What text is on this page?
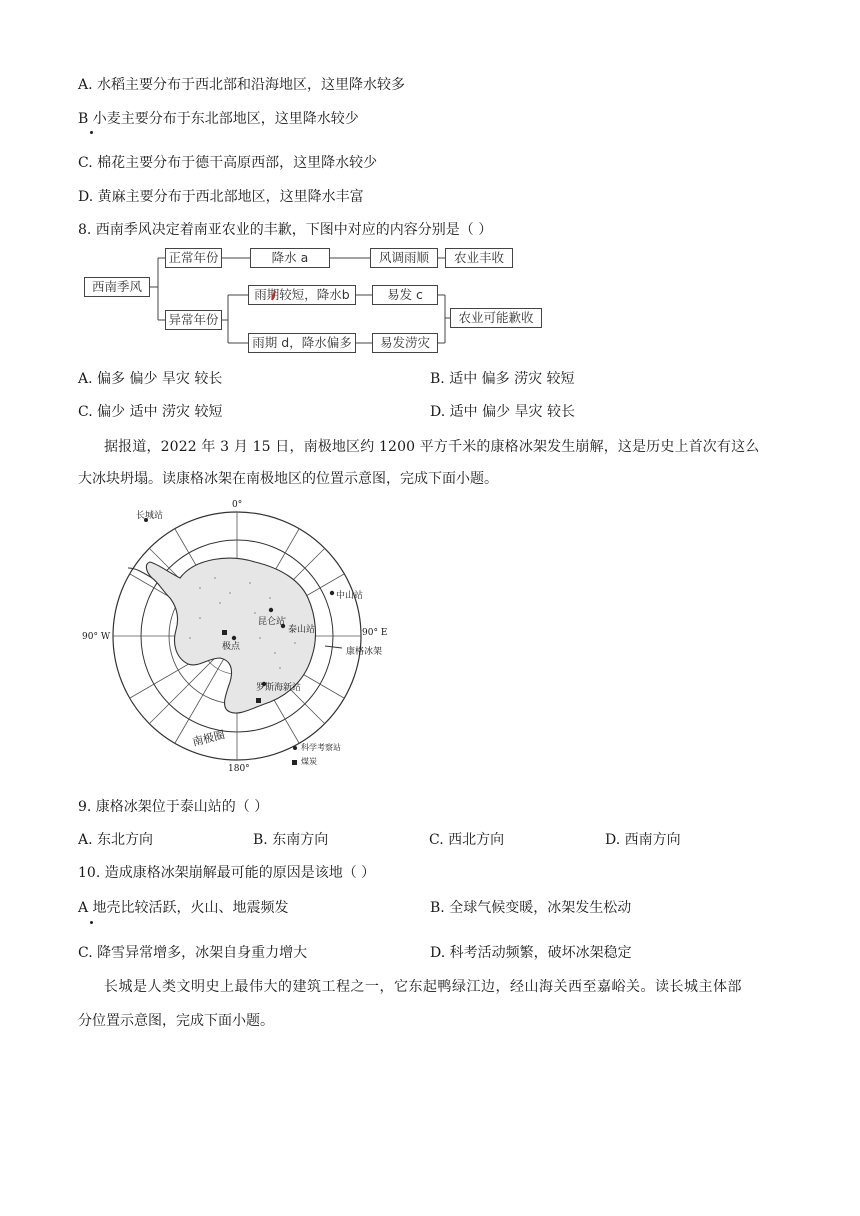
A. 水稻主要分布于西北部和沿海地区，这里降水较多
B 小麦主要分布于东北部地区，这里降水较少
C. 棉花主要分布于德干高原西部，这里降水较少
D. 黄麻主要分布于西北部地区，这里降水丰富
8. 西南季风决定着南亚农业的丰歉，下图中对应的内容分别是（ ）
西南季风
正常年份	降水 a	风调雨顺	农业丰收
异常年份
雨期较短，降水b	易发 c
雨期 d，降水偏多	易发涝灾
农业可能歉收
A. 偏多 偏少 旱灾 较长	B. 适中 偏多 涝灾 较短
C. 偏少 适中 涝灾 较短	D. 适中 偏少 旱灾 较长
据报道，2022 年 3 月 15 日，南极地区约 1200 平方千米的康格冰架发生崩解，这是历史上首次有这么
大冰块坍塌。读康格冰架在南极地区的位置示意图，完成下面小题。
0°
180°
90° W	90° E
长城站
中山站
昆仑站
泰山站
罗斯海新站
极点	康格冰架
南极圈	科学考察站
煤炭
9. 康格冰架位于泰山站的（ ）
A. 东北方向	B. 东南方向	C. 西北方向	D. 西南方向
10. 造成康格冰架崩解最可能的原因是该地（ ）
A 地壳比较活跃，火山、地震频发	B. 全球气候变暖，冰架发生松动
C. 降雪异常增多，冰架自身重力增大	D. 科考活动频繁，破坏冰架稳定
长城是人类文明史上最伟大的建筑工程之一，它东起鸭绿江边，经山海关西至嘉峪关。读长城主体部
分位置示意图，完成下面小题。
